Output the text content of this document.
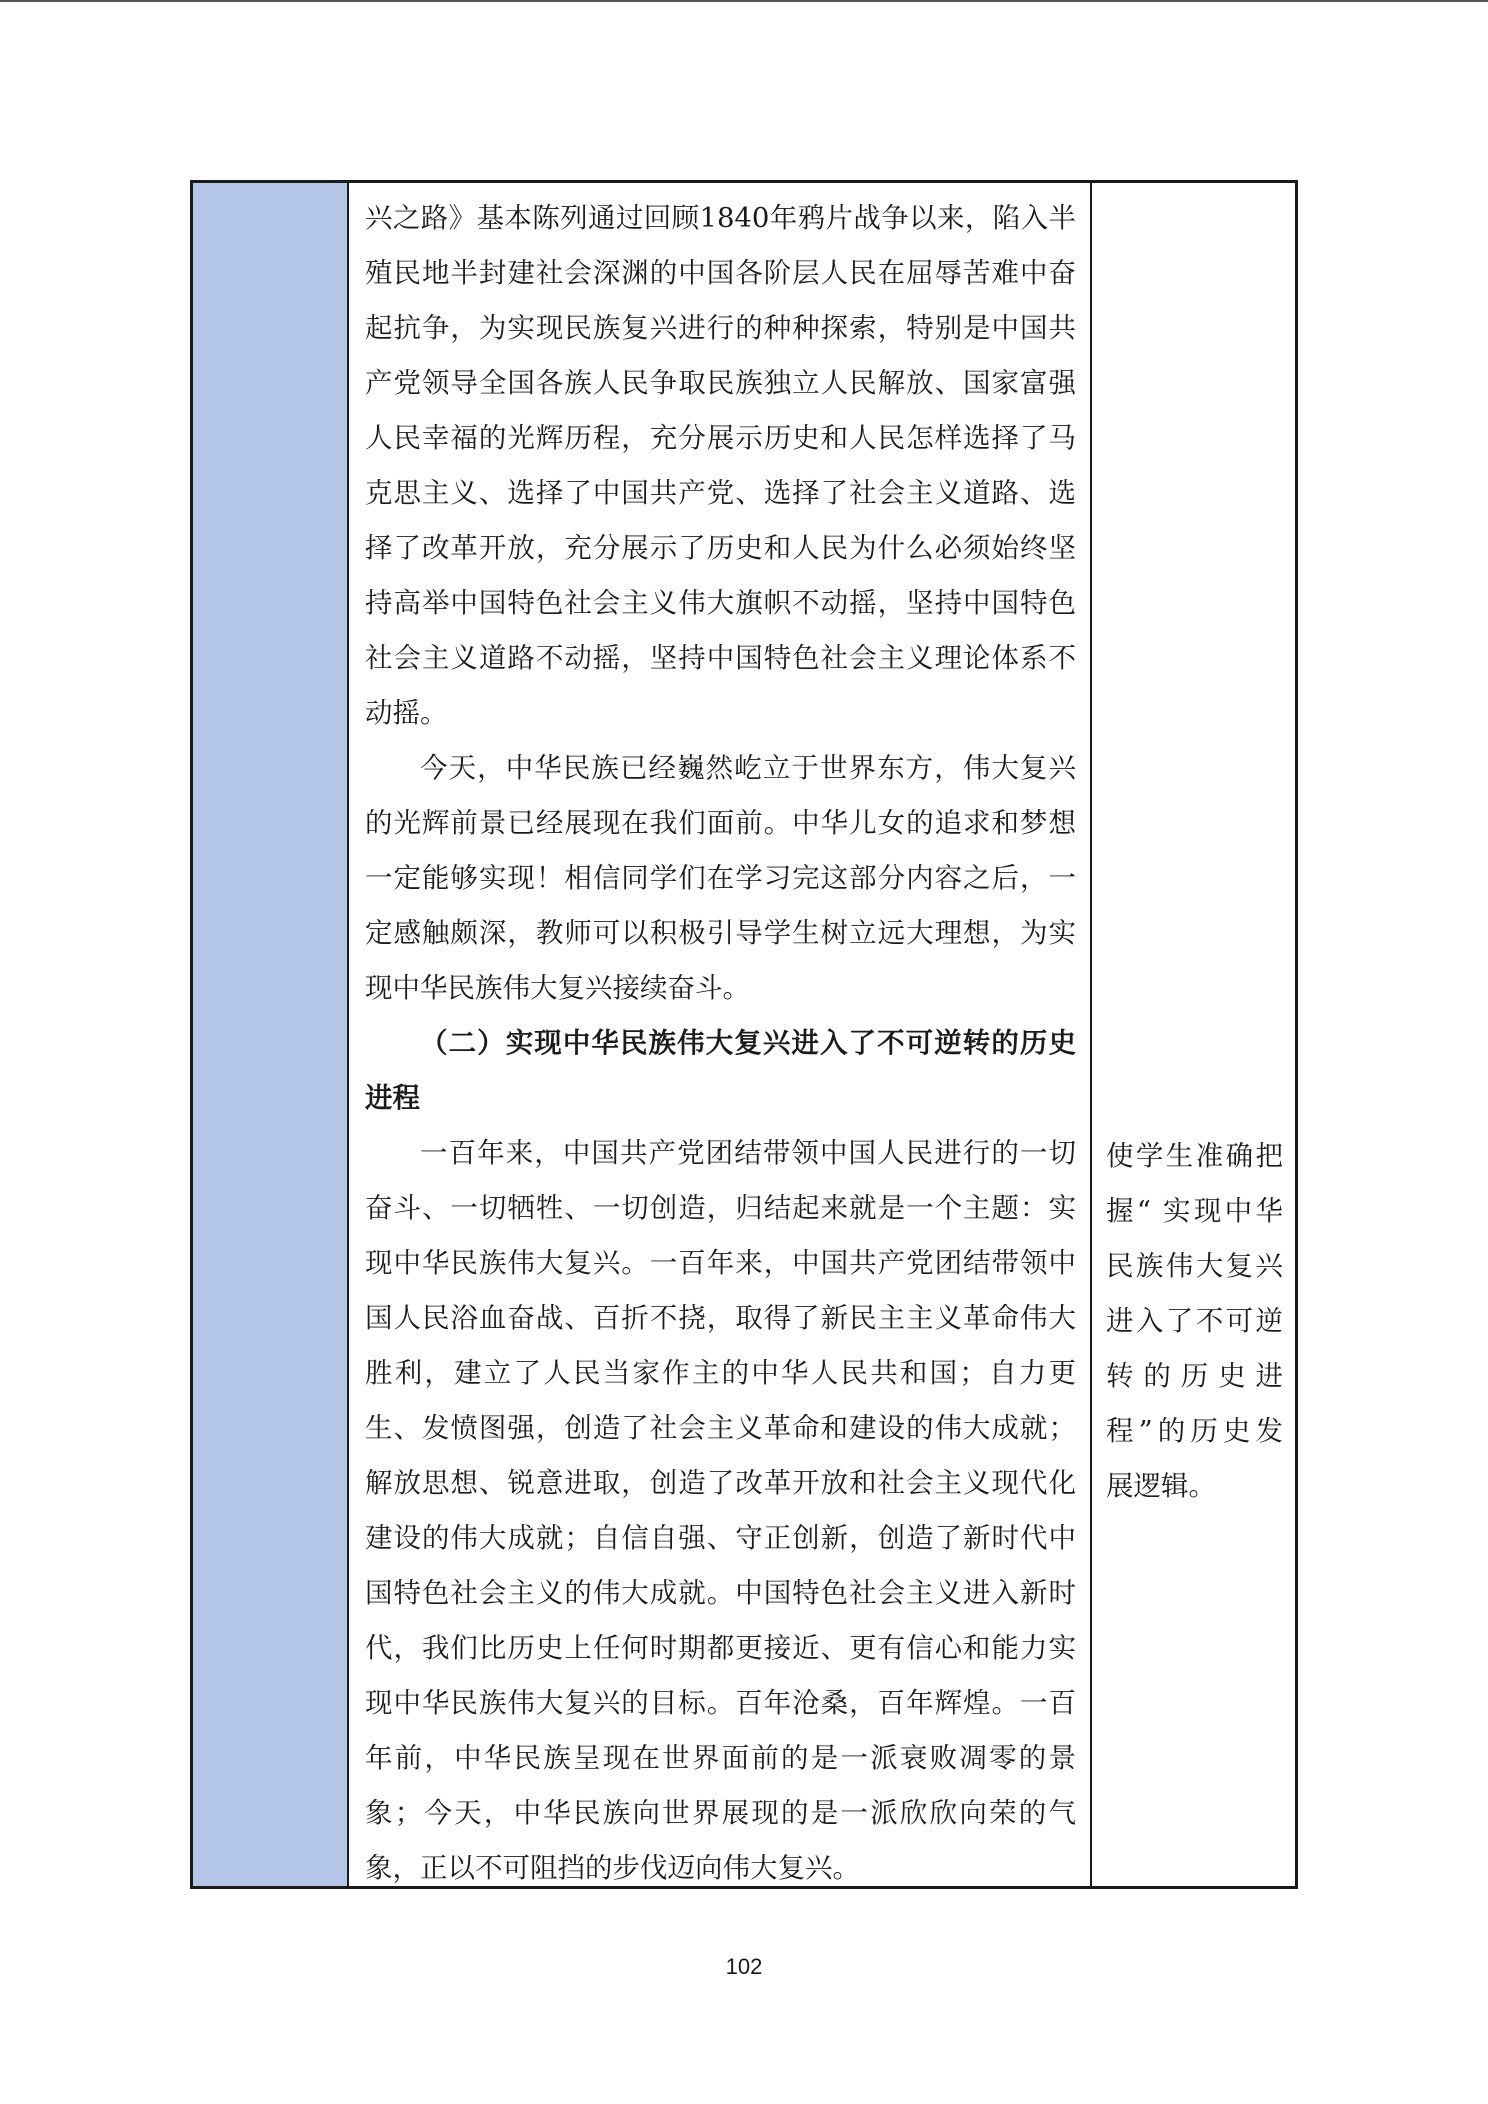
兴之路》基本陈列通过回顾1840年鸦片战争以来，陷入半殖民地半封建社会深渊的中国各阶层人民在屈辱苦难中奋起抗争，为实现民族复兴进行的种种探索，特别是中国共产党领导全国各族人民争取民族独立人民解放、国家富强人民幸福的光辉历程，充分展示历史和人民怎样选择了马克思主义、选择了中国共产党、选择了社会主义道路、选择了改革开放，充分展示了历史和人民为什么必须始终坚持高举中国特色社会主义伟大旗帜不动摇，坚持中国特色社会主义道路不动摇，坚持中国特色社会主义理论体系不动摇。

今天，中华民族已经巍然屹立于世界东方，伟大复兴的光辉前景已经展现在我们面前。中华儿女的追求和梦想一定能够实现！相信同学们在学习完这部分内容之后，一定感触颇深，教师可以积极引导学生树立远大理想，为实现中华民族伟大复兴接续奋斗。

（二）实现中华民族伟大复兴进入了不可逆转的历史进程

一百年来，中国共产党团结带领中国人民进行的一切奋斗、一切牺牲、一切创造，归结起来就是一个主题：实现中华民族伟大复兴。一百年来，中国共产党团结带领中国人民浴血奋战、百折不挠，取得了新民主主义革命伟大胜利，建立了人民当家作主的中华人民共和国；自力更生、发愤图强，创造了社会主义革命和建设的伟大成就；解放思想、锐意进取，创造了改革开放和社会主义现代化建设的伟大成就；自信自强、守正创新，创造了新时代中国特色社会主义的伟大成就。中国特色社会主义进入新时代，我们比历史上任何时期都更接近、更有信心和能力实现中华民族伟大复兴的目标。百年沧桑，百年辉煌。一百年前，中华民族呈现在世界面前的是一派衰败凋零的景象；今天，中华民族向世界展现的是一派欣欣向荣的气象，正以不可阻挡的步伐迈向伟大复兴。

使学生准确把握“ 实现中华民族伟大复兴进入了不可逆转 的 历 史 进程”的历史发展逻辑。

102
